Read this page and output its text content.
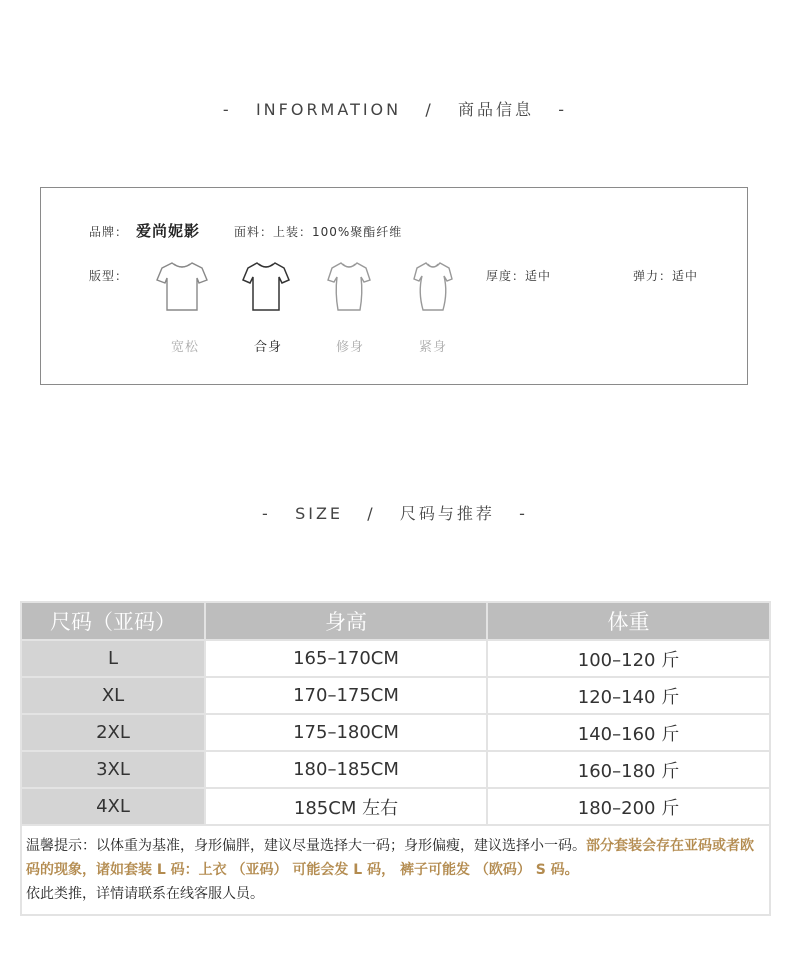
-   INFORMATION   /   商品信息   -
品牌： 爱尚妮影	面料：上装：100%聚酯纤维
版型：
宽松	合身	修身	紧身
厚度：适中	弹力：适中
-   SIZE   /   尺码与推荐   -
尺码（亚码）	身高	体重
L	165–170CM	100–120 斤
XL	170–175CM	120–140 斤
2XL	175–180CM	140–160 斤
3XL	180–185CM	160–180 斤
4XL	185CM 左右	180–200 斤
温馨提示：以体重为基准，身形偏胖，建议尽量选择大一码；身形偏瘦，建议选择小一码。部分套装会存在亚码或者欧码的现象，诸如套装 L 码：上衣 （亚码） 可能会发 L 码， 裤子可能发 （欧码） S 码。
依此类推，详情请联系在线客服人员。		
